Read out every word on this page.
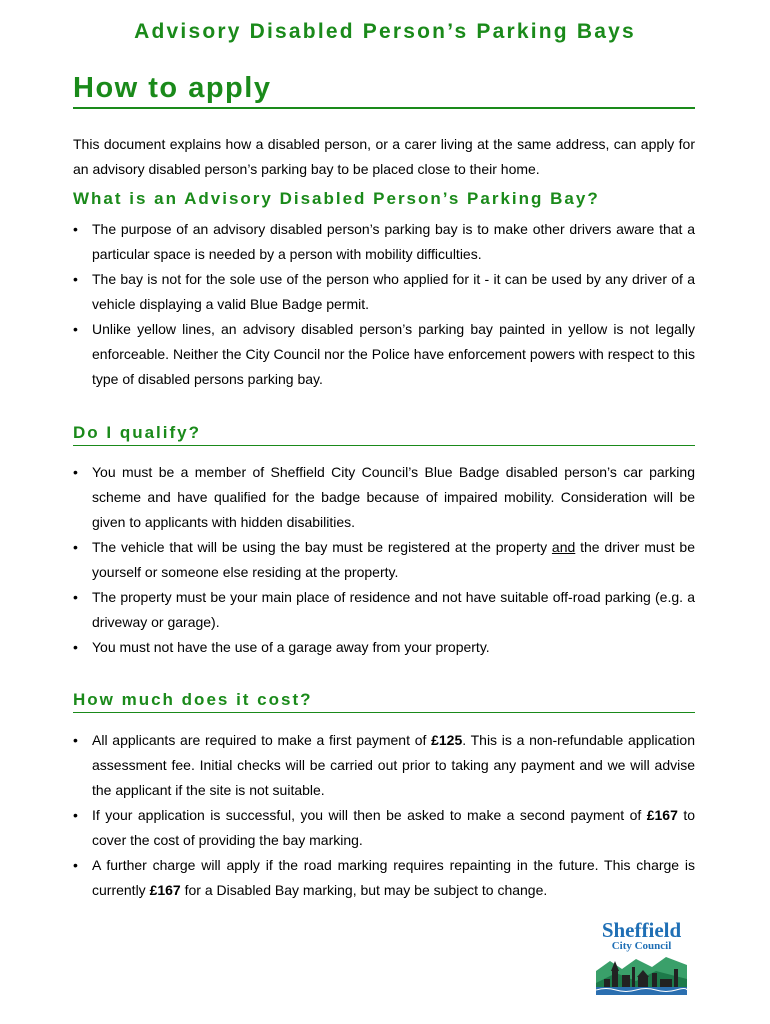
Advisory Disabled Person’s Parking Bays
How to apply
This document explains how a disabled person, or a carer living at the same address, can apply for an advisory disabled person’s parking bay to be placed close to their home.
What is an Advisory Disabled Person’s Parking Bay?
•	The purpose of an advisory disabled person’s parking bay is to make other drivers aware that a particular space is needed by a person with mobility difficulties.
•	The bay is not for the sole use of the person who applied for it - it can be used by any driver of a vehicle displaying a valid Blue Badge permit.
•	Unlike yellow lines, an advisory disabled person’s parking bay painted in yellow is not legally enforceable. Neither the City Council nor the Police have enforcement powers with respect to this type of disabled persons parking bay.
Do I qualify?
•	You must be a member of Sheffield City Council’s Blue Badge disabled person’s car parking scheme and have qualified for the badge because of impaired mobility. Consideration will be given to applicants with hidden disabilities.
•	The vehicle that will be using the bay must be registered at the property and the driver must be yourself or someone else residing at the property.
•	The property must be your main place of residence and not have suitable off-road parking (e.g. a driveway or garage).
•	You must not have the use of a garage away from your property.
How much does it cost?
•	All applicants are required to make a first payment of £125. This is a non-refundable application assessment fee. Initial checks will be carried out prior to taking any payment and we will advise the applicant if the site is not suitable.
•	If your application is successful, you will then be asked to make a second payment of £167 to cover the cost of providing the bay marking.
•	A further charge will apply if the road marking requires repainting in the future. This charge is currently £167 for a Disabled Bay marking, but may be subject to change.
Sheffield
City Council
